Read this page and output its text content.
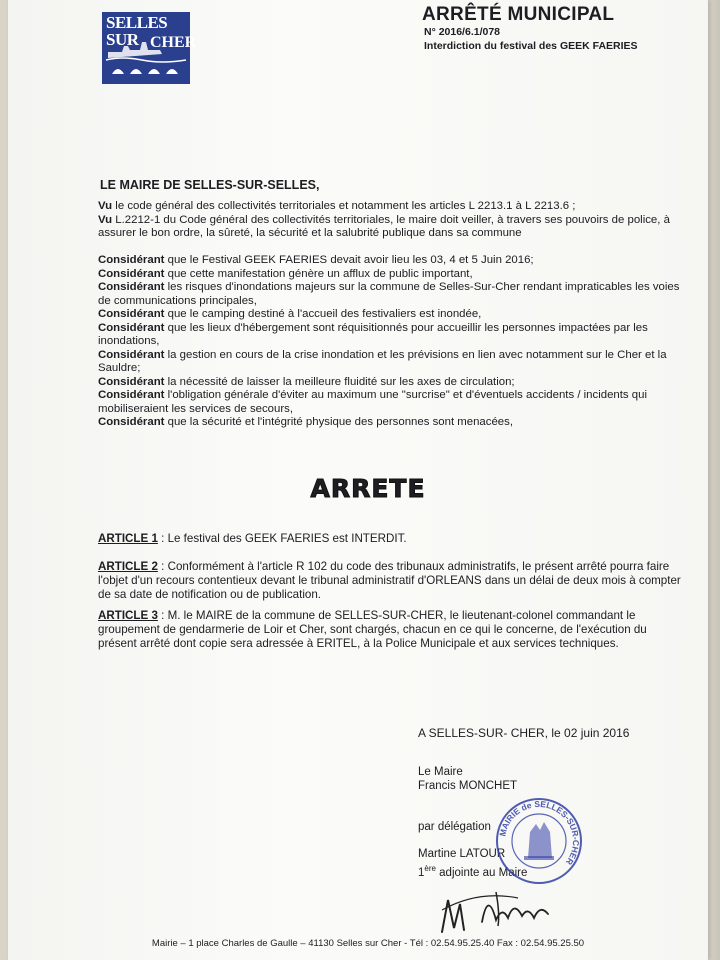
SELLES SUR CHER
ARRÊTÉ MUNICIPAL
N° 2016/6.1/078
Interdiction du festival des GEEK FAERIES
LE MAIRE DE SELLES-SUR-SELLES,

Vu le code général des collectivités territoriales et notamment les articles L 2213.1 à L 2213.6 ;

Vu L.2212-1 du Code général des collectivités territoriales, le maire doit veiller, à travers ses pouvoirs de police, à assurer le bon ordre, la sûreté, la sécurité et la salubrité publique dans sa commune

Considérant que le Festival GEEK FAERIES devait avoir lieu les 03, 4 et 5 Juin 2016;

Considérant que cette manifestation génère un afflux de public important,

Considérant les risques d'inondations majeurs sur la commune de Selles-Sur-Cher rendant impraticables les voies de communications principales,

Considérant que le camping destiné à l'accueil des festivaliers est inondée,

Considérant que les lieux d'hébergement sont réquisitionnés pour accueillir les personnes impactées par les inondations,

Considérant la gestion en cours de la crise inondation et les prévisions en lien avec notamment sur le Cher et la Sauldre;

Considérant la nécessité de laisser la meilleure fluidité sur les axes de circulation;

Considérant l'obligation générale d'éviter au maximum une "surcrise" et d'éventuels accidents / incidents qui mobiliseraient les services de secours,

Considérant que la sécurité et l'intégrité physique des personnes sont menacées,

ARRETE
ARTICLE 1 : Le festival des GEEK FAERIES est INTERDIT.
ARTICLE 2 : Conformément à l'article R 102 du code des tribunaux administratifs, le présent arrêté pourra faire l'objet d'un recours contentieux devant le tribunal administratif d'ORLEANS dans un délai de deux mois à compter de sa date de notification ou de publication.
ARTICLE 3 : M. le MAIRE de la commune de SELLES-SUR-CHER, le lieutenant-colonel commandant le groupement de gendarmerie de Loir et Cher, sont chargés, chacun en ce qui le concerne, de l'exécution du présent arrêté dont copie sera adressée à ERITEL, à la Police Municipale et aux services techniques.
A SELLES-SUR- CHER, le 02 juin 2016
Le Maire
Francis MONCHET
par délégation
Martine LATOUR
1ère adjointe au Maire
MAIRIE de SELLES-SUR-CHER
Mairie – 1 place Charles de Gaulle – 41130 Selles sur Cher - Tél : 02.54.95.25.40 Fax : 02.54.95.25.50
